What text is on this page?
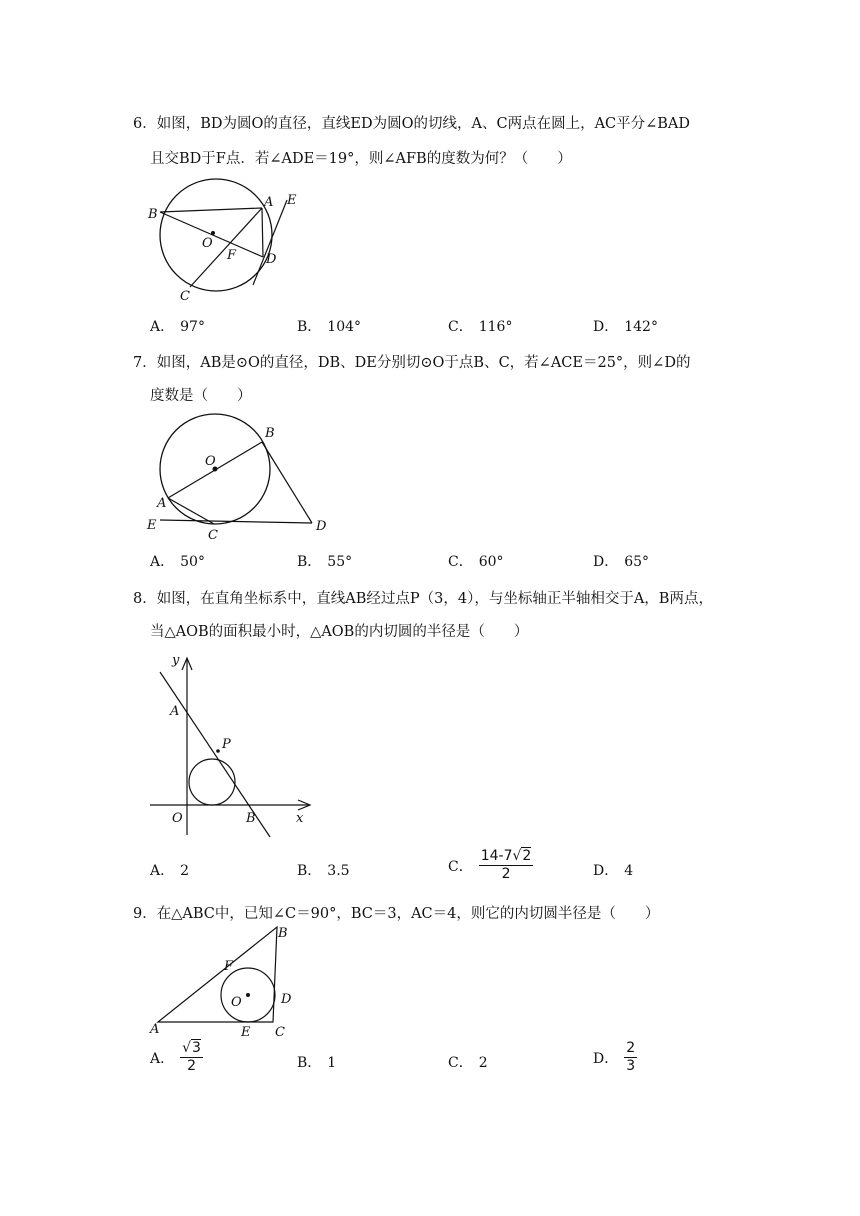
6．如图，BD为圆O的直径，直线ED为圆O的切线，A、C两点在圆上，AC平分∠BAD
且交BD于F点．若∠ADE＝19°，则∠AFB的度数为何？（　　）
B
A E
O
F D
C
A． 97°	B． 104°	C． 116°	D． 142°
7．如图，AB是⊙O的直径，DB、DE分别切⊙O于点B、C，若∠ACE＝25°，则∠D的
度数是（　　）
O
B
A
E
C
D
A． 50°	B． 55°	C． 60°	D． 65°
8．如图，在直角坐标系中，直线AB经过点P（3，4），与坐标轴正半轴相交于A，B两点，
当△AOB的面积最小时，△AOB的内切圆的半径是（　　）
y
A
P
O	B	x
A． 2	B． 3.5	C． $\frac{14-7√2}{2}$	D． 4
9．在△ABC中，已知∠C＝90°，BC＝3，AC＝4，则它的内切圆半径是（　　）
B
F
O	D
A	E C
A． $\frac{√3}{2}$	B． 1	C． 2	D． $\frac{2}{3}$
